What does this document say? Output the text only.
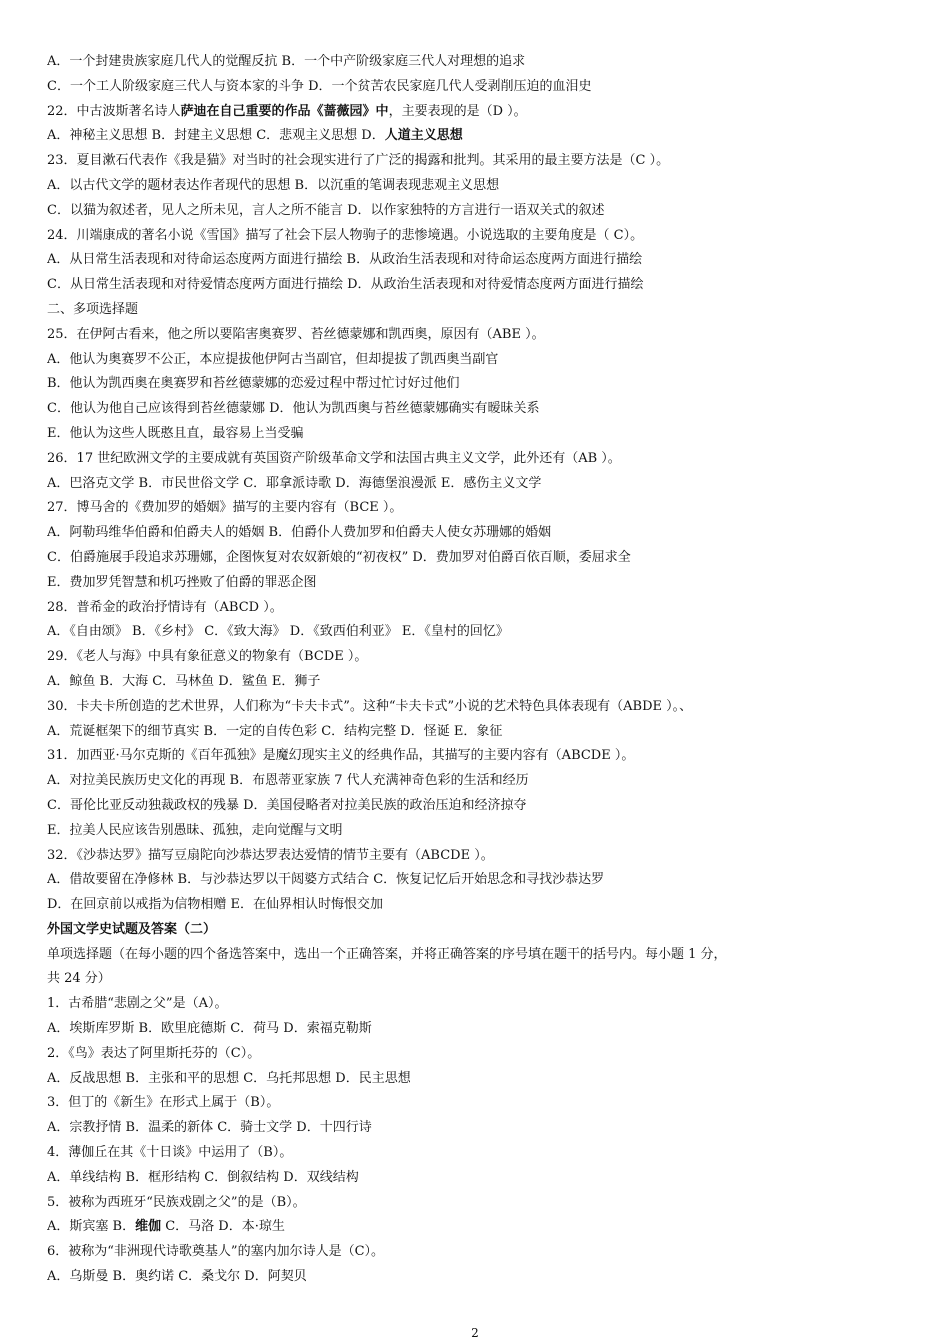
A．一个封建贵族家庭几代人的觉醒反抗 B．一个中产阶级家庭三代人对理想的追求
C．一个工人阶级家庭三代人与资本家的斗争 D．一个贫苦农民家庭几代人受剥削压迫的血泪史
22．中古波斯著名诗人萨迪在自己重要的作品《蔷薇园》中，主要表现的是（D ）。
A．神秘主义思想 B．封建主义思想 C．悲观主义思想 D．人道主义思想
23．夏目漱石代表作《我是猫》对当时的社会现实进行了广泛的揭露和批判。其采用的最主要方法是（C ）。
A．以古代文学的题材表达作者现代的思想 B．以沉重的笔调表现悲观主义思想
C．以猫为叙述者，见人之所未见，言人之所不能言 D．以作家独特的方言进行一语双关式的叙述
24．川端康成的著名小说《雪国》描写了社会下层人物驹子的悲惨境遇。小说选取的主要角度是（ C）。
A．从日常生活表现和对待命运态度两方面进行描绘 B．从政治生活表现和对待命运态度两方面进行描绘
C．从日常生活表现和对待爱情态度两方面进行描绘 D．从政治生活表现和对待爱情态度两方面进行描绘
二、多项选择题
25．在伊阿古看来，他之所以要陷害奥赛罗、苔丝德蒙娜和凯西奥，原因有（ABE ）。
A．他认为奥赛罗不公正，本应提拔他伊阿古当副官，但却提拔了凯西奥当副官
B．他认为凯西奥在奥赛罗和苔丝德蒙娜的恋爱过程中帮过忙讨好过他们
C．他认为他自己应该得到苔丝德蒙娜 D．他认为凯西奥与苔丝德蒙娜确实有暧昧关系
E．他认为这些人既憨且直，最容易上当受骗
26．17 世纪欧洲文学的主要成就有英国资产阶级革命文学和法国古典主义文学，此外还有（AB ）。
A．巴洛克文学 B．市民世俗文学 C．耶拿派诗歌 D．海德堡浪漫派 E．感伤主义文学
27．博马舍的《费加罗的婚姻》描写的主要内容有（BCE ）。
A．阿勒玛维华伯爵和伯爵夫人的婚姻 B．伯爵仆人费加罗和伯爵夫人使女苏珊娜的婚姻
C．伯爵施展手段追求苏珊娜，企图恢复对农奴新娘的“初夜权” D．费加罗对伯爵百依百顺，委屈求全
E．费加罗凭智慧和机巧挫败了伯爵的罪恶企图
28．普希金的政治抒情诗有（ABCD ）。
A．《自由颂》 B．《乡村》 C．《致大海》 D．《致西伯利亚》 E．《皇村的回忆》
29．《老人与海》中具有象征意义的物象有（BCDE ）。
A．鲸鱼 B．大海 C．马林鱼 D．鲨鱼 E．狮子
30．卡夫卡所创造的艺术世界，人们称为“卡夫卡式”。这种“卡夫卡式”小说的艺术特色具体表现有（ABDE ）。、
A．荒诞框架下的细节真实 B．一定的自传色彩 C．结构完整 D．怪诞 E．象征
31．加西亚·马尔克斯的《百年孤独》是魔幻现实主义的经典作品，其描写的主要内容有（ABCDE ）。
A．对拉美民族历史文化的再现 B．布恩蒂亚家族 7 代人充满神奇色彩的生活和经历
C．哥伦比亚反动独裁政权的残暴 D．美国侵略者对拉美民族的政治压迫和经济掠夺
E．拉美人民应该告别愚昧、孤独，走向觉醒与文明
32．《沙恭达罗》描写豆扇陀向沙恭达罗表达爱情的情节主要有（ABCDE ）。
A．借故要留在净修林 B．与沙恭达罗以干闼婆方式结合 C．恢复记忆后开始思念和寻找沙恭达罗
D．在回京前以戒指为信物相赠 E．在仙界相认时悔恨交加
外国文学史试题及答案（二）
单项选择题（在每小题的四个备选答案中，选出一个正确答案，并将正确答案的序号填在题干的括号内。每小题 1 分，
共 24 分）
1．古希腊“悲剧之父”是（A）。
A．埃斯库罗斯 B．欧里庇德斯 C．荷马 D．索福克勒斯
2．《鸟》表达了阿里斯托芬的（C）。
A．反战思想 B．主张和平的思想 C．乌托邦思想 D．民主思想
3．但丁的《新生》在形式上属于（B）。
A．宗教抒情 B．温柔的新体 C．骑士文学 D．十四行诗
4．薄伽丘在其《十日谈》中运用了（B）。
A．单线结构 B．框形结构 C．倒叙结构 D．双线结构
5．被称为西班牙“民族戏剧之父”的是（B）。
A．斯宾塞 B．维伽 C．马洛 D．本·琼生
6．被称为“非洲现代诗歌奠基人”的塞内加尔诗人是（C）。
A．乌斯曼 B．奥约诺 C．桑戈尔 D．阿契贝
2
